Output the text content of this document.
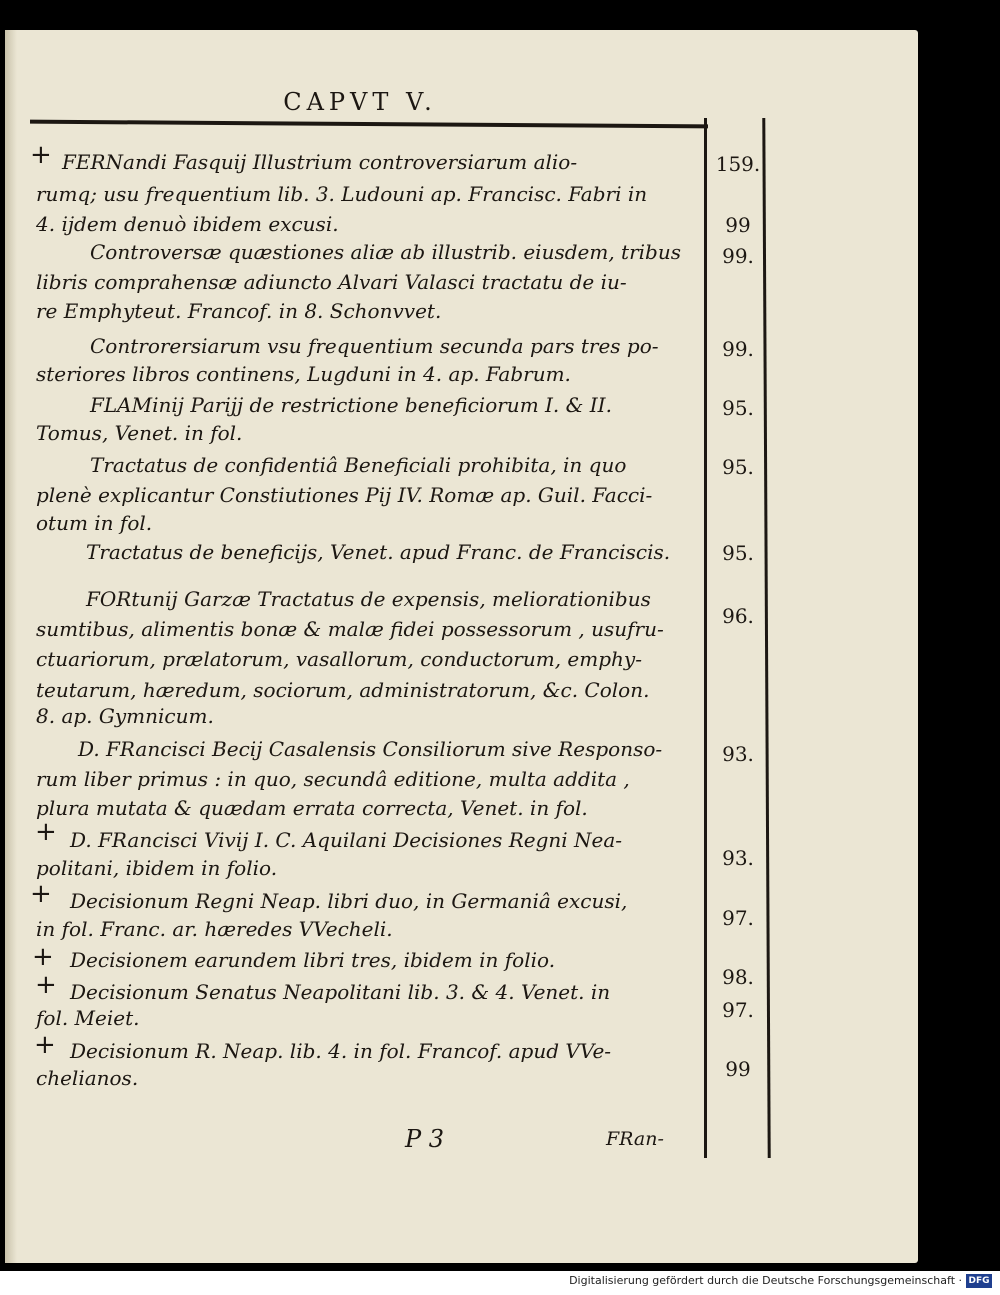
CAPVT V.
+
+
+
+
+
+
FERNandi Fasquij Illustrium controversiarum alio-
rumq; usu frequentium lib. 3. Ludouni ap. Francisc. Fabri in
4. ijdem denuò ibidem excusi.
Controversæ quæstiones aliæ ab illustrib. eiusdem, tribus
libris comprahensæ adiuncto Alvari Valasci tractatu de iu-
re Emphyteut. Francof. in 8. Schonvvet.
Controrersiarum vsu frequentium secunda pars tres po-
steriores libros continens, Lugduni in 4. ap. Fabrum.
FLAMinij Parijj de restrictione beneficiorum I. & II.
Tomus, Venet. in fol.
Tractatus de confidentiâ Beneficiali prohibita, in quo
plenè explicantur Constiutiones Pij IV. Romæ ap. Guil. Facci-
otum in fol.
Tractatus de beneficijs, Venet. apud Franc. de Franciscis.
FORtunij Garzæ Tractatus de expensis, meliorationibus
sumtibus, alimentis bonæ & malæ fidei possessorum , usufru-
ctuariorum, prælatorum, vasallorum, conductorum, emphy-
teutarum, hæredum, sociorum, administratorum, &c. Colon.
8. ap. Gymnicum.
D. FRancisci Becij Casalensis Consiliorum sive Responso-
rum liber primus : in quo, secundâ editione, multa addita ,
plura mutata & quædam errata correcta, Venet. in fol.
D. FRancisci Vivij I. C. Aquilani Decisiones Regni Nea-
politani, ibidem in folio.
Decisionum Regni Neap. libri duo, in Germaniâ excusi,
in fol. Franc. ar. hæredes VVecheli.
Decisionem earundem libri tres, ibidem in folio.
Decisionum Senatus Neapolitani lib. 3. & 4. Venet. in
fol. Meiet.
Decisionum R. Neap. lib. 4. in fol. Francof. apud VVe-
chelianos.
159.
99
99.
99.
95.
95.
95.
96.
93.
93.
97.
98.
97.
99
P 3	FRan-
Digitalisierung gefördert durch die Deutsche Forschungsgemeinschaft · DFG
